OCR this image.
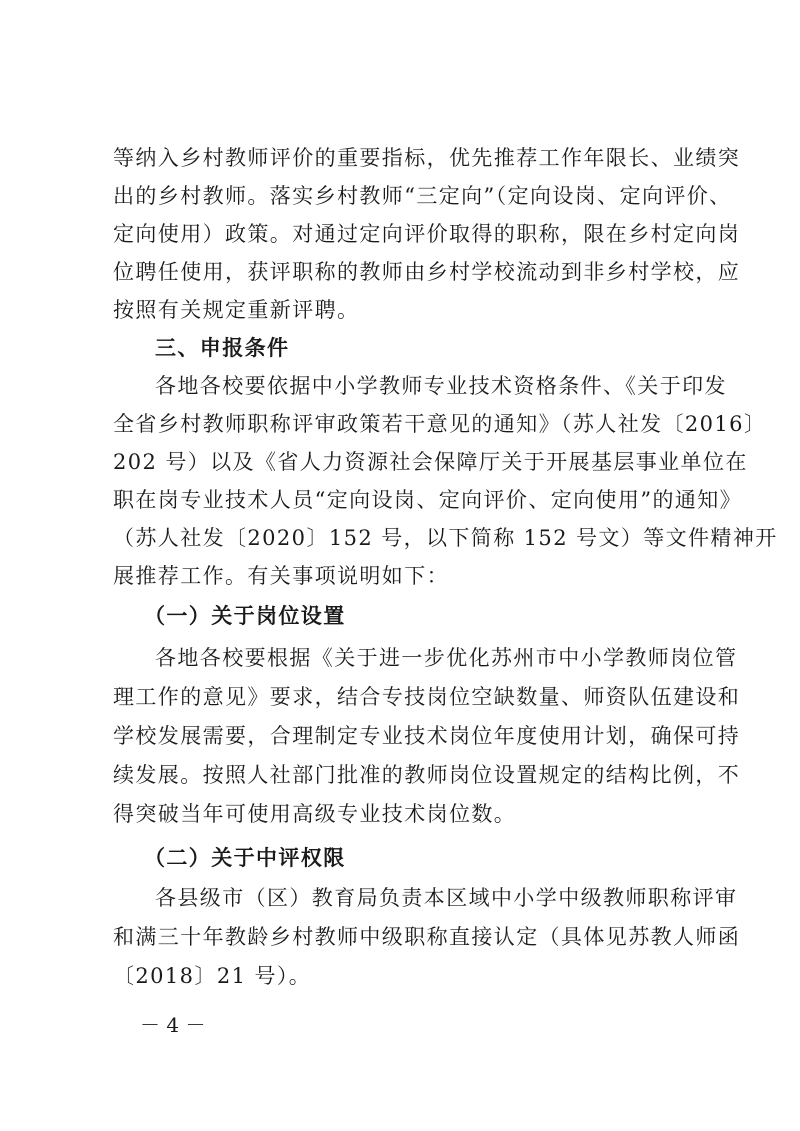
等纳入乡村教师评价的重要指标，优先推荐工作年限长、业绩突
出的乡村教师。落实乡村教师“三定向”（定向设岗、定向评价、
定向使用）政策。对通过定向评价取得的职称，限在乡村定向岗
位聘任使用，获评职称的教师由乡村学校流动到非乡村学校，应
按照有关规定重新评聘。
三、申报条件
各地各校要依据中小学教师专业技术资格条件、《关于印发
全省乡村教师职称评审政策若干意见的通知》（苏人社发〔2016〕
202 号）以及《省人力资源社会保障厅关于开展基层事业单位在
职在岗专业技术人员“定向设岗、定向评价、定向使用”的通知》
（苏人社发〔2020〕152 号，以下简称 152 号文）等文件精神开
展推荐工作。有关事项说明如下：
（一）关于岗位设置
各地各校要根据《关于进一步优化苏州市中小学教师岗位管
理工作的意见》要求，结合专技岗位空缺数量、师资队伍建设和
学校发展需要，合理制定专业技术岗位年度使用计划，确保可持
续发展。按照人社部门批准的教师岗位设置规定的结构比例，不
得突破当年可使用高级专业技术岗位数。
（二）关于中评权限
各县级市（区）教育局负责本区域中小学中级教师职称评审
和满三十年教龄乡村教师中级职称直接认定（具体见苏教人师函
〔2018〕21 号）。
－ 4 －
